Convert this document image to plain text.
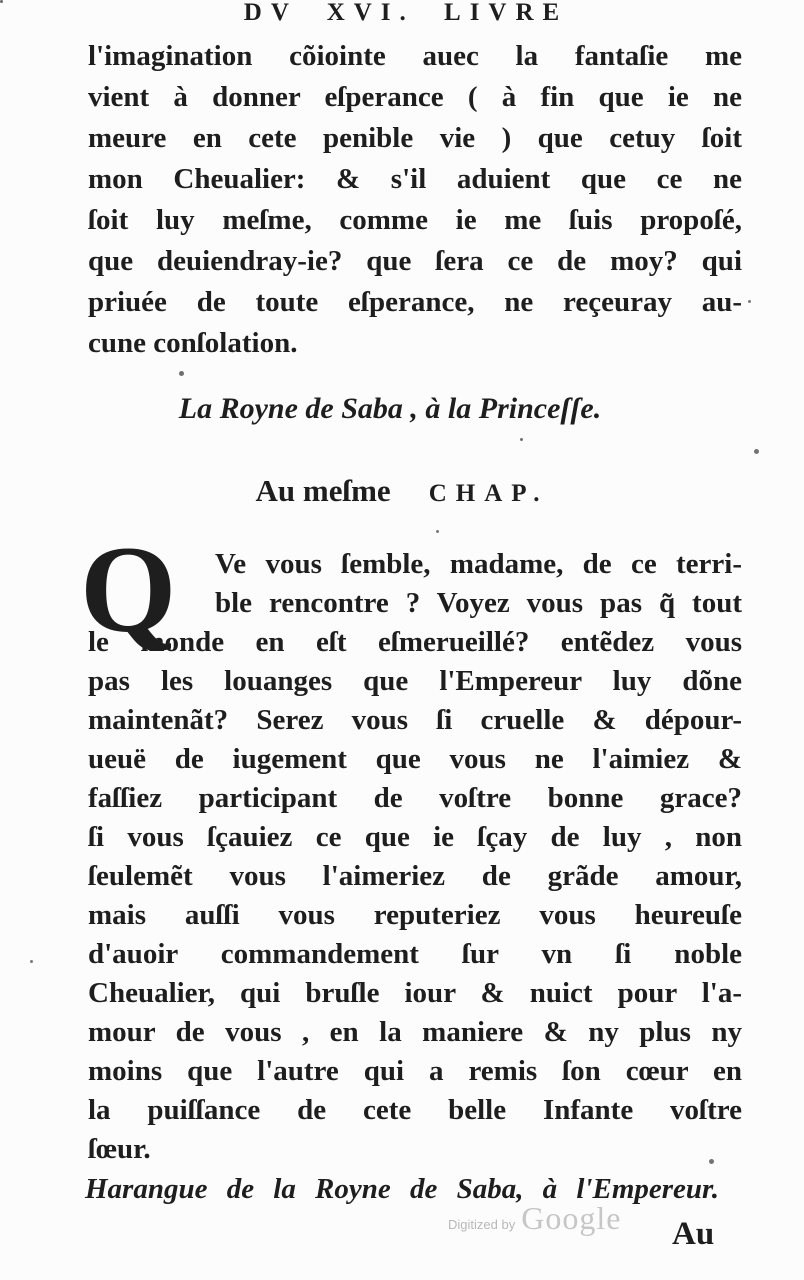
DV XVI. LIVRE
l'imagination cõiointe auec la fantaſie me
vient à donner eſperance ( à fin que ie ne
meure en cete penible vie ) que cetuy ſoit
mon Cheualier: & s'il aduient que ce ne
ſoit luy meſme, comme ie me ſuis propoſé,
que deuiendray-ie? que ſera ce de moy? qui
priuée de toute eſperance, ne reçeuray au-
cune conſolation.
La Royne de Saba , à la Princeſſe.
Au meſme CHAP.
Q	Ve vous ſemble, madame, de ce terri-
ble rencontre ? Voyez vous pas q̃ tout
le monde en eſt eſmerueillé? entẽdez vous
pas les louanges que l'Empereur luy dõne
maintenãt? Serez vous ſi cruelle & dépour-
ueuë de iugement que vous ne l'aimiez &
faſſiez participant de voſtre bonne grace?
ſi vous ſçauiez ce que ie ſçay de luy , non
ſeulemẽt vous l'aimeriez de grãde amour,
mais auſſi vous reputeriez vous heureuſe
d'auoir commandement ſur vn ſi noble
Cheualier, qui bruſle iour & nuict pour l'a-
mour de vous , en la maniere & ny plus ny
moins que l'autre qui a remis ſon cœur en
la puiſſance de cete belle Infante voſtre
ſœur.
Harangue de la Royne de Saba, à l'Empereur.
Digitized by Google Au
